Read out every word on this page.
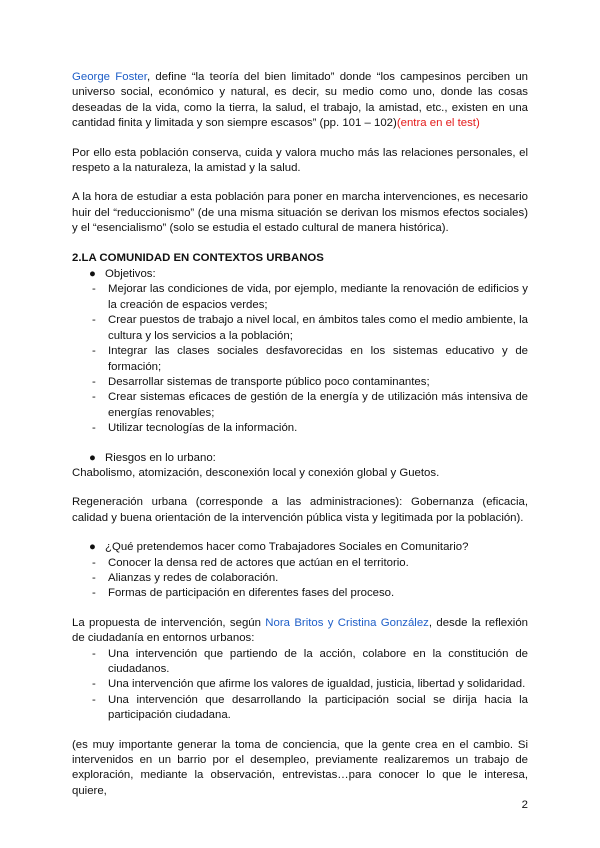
George Foster, define “la teoría del bien limitado” donde “los campesinos perciben un universo social, económico y natural, es decir, su medio como uno, donde las cosas deseadas de la vida, como la tierra, la salud, el trabajo, la amistad, etc., existen en una cantidad finita y limitada y son siempre escasos” (pp. 101 – 102)(entra en el test)

Por ello esta población conserva, cuida y valora mucho más las relaciones personales, el respeto a la naturaleza, la amistad y la salud.

A la hora de estudiar a esta población para poner en marcha intervenciones, es necesario huir del “reduccionismo” (de una misma situación se derivan los mismos efectos sociales) y el “esencialismo” (solo se estudia el estado cultural de manera histórica).

2.LA COMUNIDAD EN CONTEXTOS URBANOS

● Objetivos:
- Mejorar las condiciones de vida, por ejemplo, mediante la renovación de edificios y la creación de espacios verdes;
- Crear puestos de trabajo a nivel local, en ámbitos tales como el medio ambiente, la cultura y los servicios a la población;
- Integrar las clases sociales desfavorecidas en los sistemas educativo y de formación;
- Desarrollar sistemas de transporte público poco contaminantes;
- Crear sistemas eficaces de gestión de la energía y de utilización más intensiva de energías renovables;
- Utilizar tecnologías de la información.
● Riesgos en lo urbano:

Chabolismo, atomización, desconexión local y conexión global y Guetos.

Regeneración urbana (corresponde a las administraciones): Gobernanza (eficacia, calidad y buena orientación de la intervención pública vista y legitimada por la población).

● ¿Qué pretendemos hacer como Trabajadores Sociales en Comunitario?
- Conocer la densa red de actores que actúan en el territorio.
- Alianzas y redes de colaboración.
- Formas de participación en diferentes fases del proceso.

La propuesta de intervención, según Nora Britos y Cristina González, desde la reflexión de ciudadanía en entornos urbanos:

- Una intervención que partiendo de la acción, colabore en la constitución de ciudadanos.
- Una intervención que afirme los valores de igualdad, justicia, libertad y solidaridad.
- Una intervención que desarrollando la participación social se dirija hacia la participación ciudadana.

(es muy importante generar la toma de conciencia, que la gente crea en el cambio. Si intervenidos en un barrio por el desempleo, previamente realizaremos un trabajo de exploración, mediante la observación, entrevistas…para conocer lo que le interesa, quiere,

2
